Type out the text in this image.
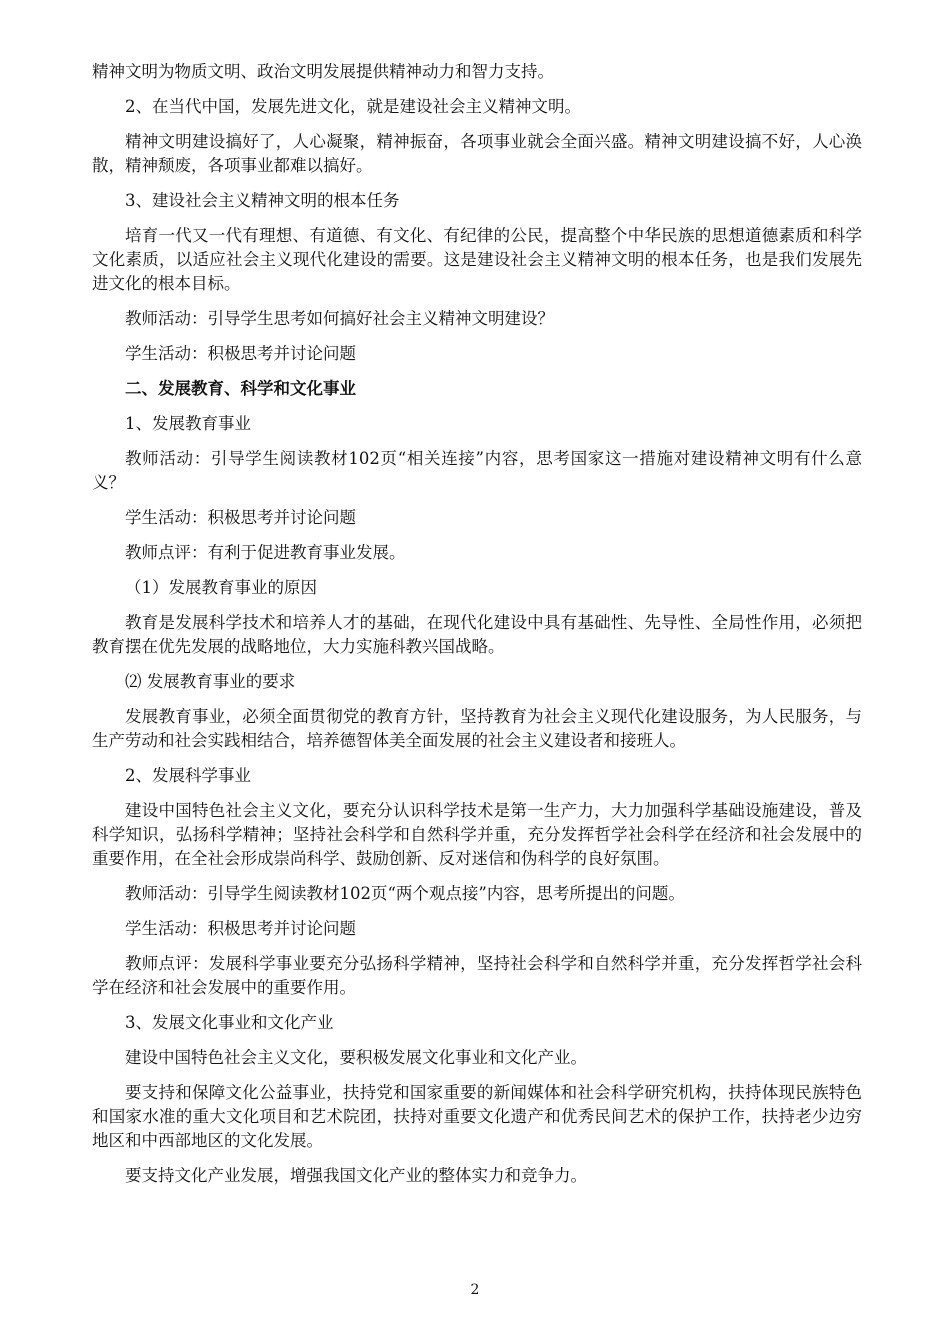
精神文明为物质文明、政治文明发展提供精神动力和智力支持。

2、在当代中国，发展先进文化，就是建设社会主义精神文明。

精神文明建设搞好了，人心凝聚，精神振奋，各项事业就会全面兴盛。精神文明建设搞不好，人心涣散，精神颓废，各项事业都难以搞好。

3、建设社会主义精神文明的根本任务

培育一代又一代有理想、有道德、有文化、有纪律的公民，提高整个中华民族的思想道德素质和科学文化素质，以适应社会主义现代化建设的需要。这是建设社会主义精神文明的根本任务，也是我们发展先进文化的根本目标。

教师活动：引导学生思考如何搞好社会主义精神文明建设？

学生活动：积极思考并讨论问题

二、发展教育、科学和文化事业

1、发展教育事业

教师活动：引导学生阅读教材102页“相关连接”内容，思考国家这一措施对建设精神文明有什么意义？

学生活动：积极思考并讨论问题

教师点评：有利于促进教育事业发展。

（1）发展教育事业的原因

教育是发展科学技术和培养人才的基础，在现代化建设中具有基础性、先导性、全局性作用，必须把教育摆在优先发展的战略地位，大力实施科教兴国战略。

⑵ 发展教育事业的要求

发展教育事业，必须全面贯彻党的教育方针，坚持教育为社会主义现代化建设服务，为人民服务，与生产劳动和社会实践相结合，培养德智体美全面发展的社会主义建设者和接班人。

2、发展科学事业

建设中国特色社会主义文化，要充分认识科学技术是第一生产力，大力加强科学基础设施建设，普及科学知识，弘扬科学精神；坚持社会科学和自然科学并重，充分发挥哲学社会科学在经济和社会发展中的重要作用，在全社会形成崇尚科学、鼓励创新、反对迷信和伪科学的良好氛围。

教师活动：引导学生阅读教材102页“两个观点接”内容，思考所提出的问题。

学生活动：积极思考并讨论问题

教师点评：发展科学事业要充分弘扬科学精神，坚持社会科学和自然科学并重，充分发挥哲学社会科学在经济和社会发展中的重要作用。

3、发展文化事业和文化产业

建设中国特色社会主义文化，要积极发展文化事业和文化产业。

要支持和保障文化公益事业，扶持党和国家重要的新闻媒体和社会科学研究机构，扶持体现民族特色和国家水准的重大文化项目和艺术院团，扶持对重要文化遗产和优秀民间艺术的保护工作，扶持老少边穷地区和中西部地区的文化发展。

要支持文化产业发展，增强我国文化产业的整体实力和竞争力。

2
